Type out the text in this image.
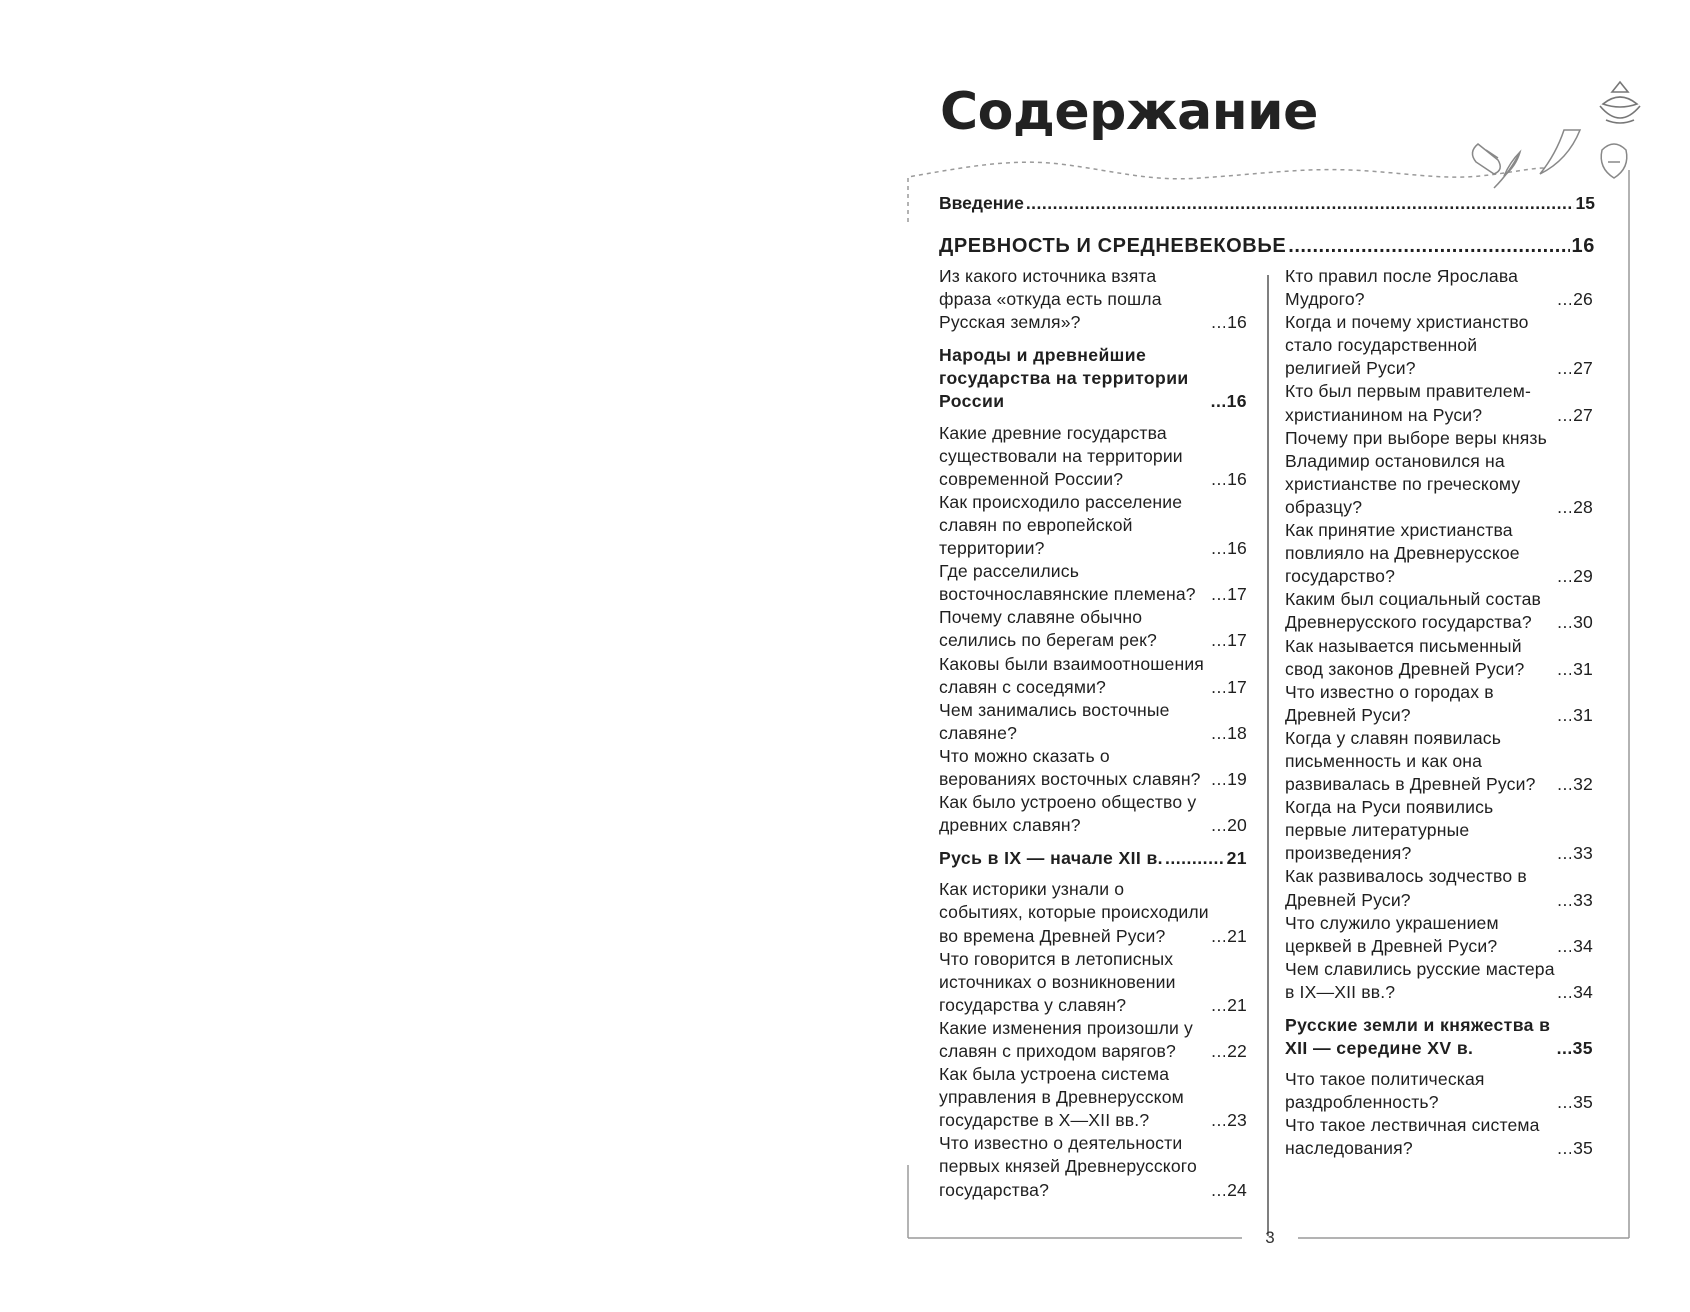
Содержание
Введение .....	15
ДРЕВНОСТЬ И СРЕДНЕВЕКОВЬЕ .....	16
Из какого источника взята фраза «откуда есть пошла Русская земля»? .....	16
Народы и древнейшие государства на территории России .....	16
Какие древние государства существовали на территории современной России? .....	16
Как происходило расселение славян по европейской территории? .....	16
Где расселились восточнославянские племена? .....	17
Почему славяне обычно селились по берегам рек? .....	17
Каковы были взаимоотношения славян с соседями? .....	17
Чем занимались восточные славяне? .....	18
Что можно сказать о верованиях восточных славян? .....	19
Как было устроено общество у древних славян? .....	20
Русь в IX — начале XII в. .....	21
Как историки узнали о событиях, которые происходили во времена Древней Руси? .....	21
Что говорится в летописных источниках о возникновении государства у славян? .....	21
Какие изменения произошли у славян с приходом варягов? .....	22
Как была устроена система управления в Древнерусском государстве в X—XII вв.? .....	23
Что известно о деятельности первых князей Древнерусского государства? .....	24
Кто правил после Ярослава Мудрого? .....	26
Когда и почему христианство стало государственной религией Руси? .....	27
Кто был первым правителем-христианином на Руси? .....	27
Почему при выборе веры князь Владимир остановился на христианстве по греческому образцу? .....	28
Как принятие христианства повлияло на Древнерусское государство? .....	29
Каким был социальный состав Древнерусского государства? .....	30
Как называется письменный свод законов Древней Руси? .....	31
Что известно о городах в Древней Руси? .....	31
Когда у славян появилась письменность и как она развивалась в Древней Руси? .....	32
Когда на Руси появились первые литературные произведения? .....	33
Как развивалось зодчество в Древней Руси? .....	33
Что служило украшением церквей в Древней Руси? .....	34
Чем славились русские мастера в IX—XII вв.? .....	34
Русские земли и княжества в XII — середине XV в. .....	35
Что такое политическая раздробленность? .....	35
Что такое лествичная система наследования? .....	35
3
